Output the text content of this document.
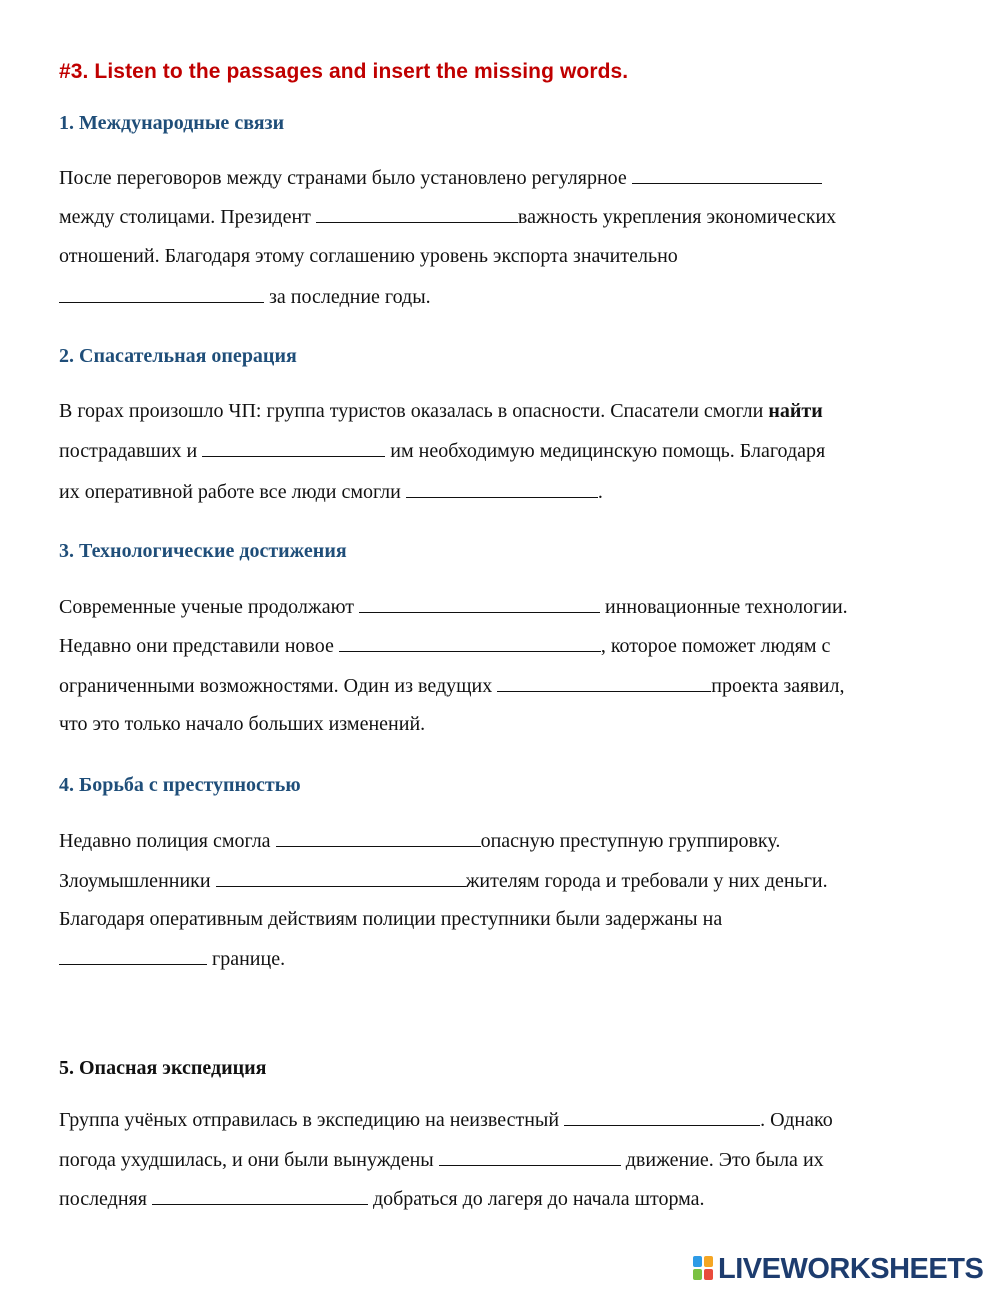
#3. Listen to the passages and insert the missing words.
1. Международные связи
После переговоров между странами было установлено регулярное
между столицами. Президент	важность укрепления экономических
отношений. Благодаря этому соглашению уровень экспорта значительно
за последние годы.
2. Спасательная операция
В горах произошло ЧП: группа туристов оказалась в опасности. Спасатели смогли найти
пострадавших и	им необходимую медицинскую помощь. Благодаря
их оперативной работе все люди смогли	.
3. Технологические достижения
Современные ученые продолжают	инновационные технологии.
Недавно они представили новое	, которое поможет людям с
ограниченными возможностями. Один из ведущих	проекта заявил,
что это только начало больших изменений.
4. Борьба с преступностью
Недавно полиция смогла	опасную преступную группировку.
Злоумышленники	жителям города и требовали у них деньги.
Благодаря оперативным действиям полиции преступники были задержаны на
границе.
5. Опасная экспедиция
Группа учёных отправилась в экспедицию на неизвестный	. Однако
погода ухудшилась, и они были вынуждены	движение. Это была их
последняя	добраться до лагеря до начала шторма.
LIVEWORKSHEETS
